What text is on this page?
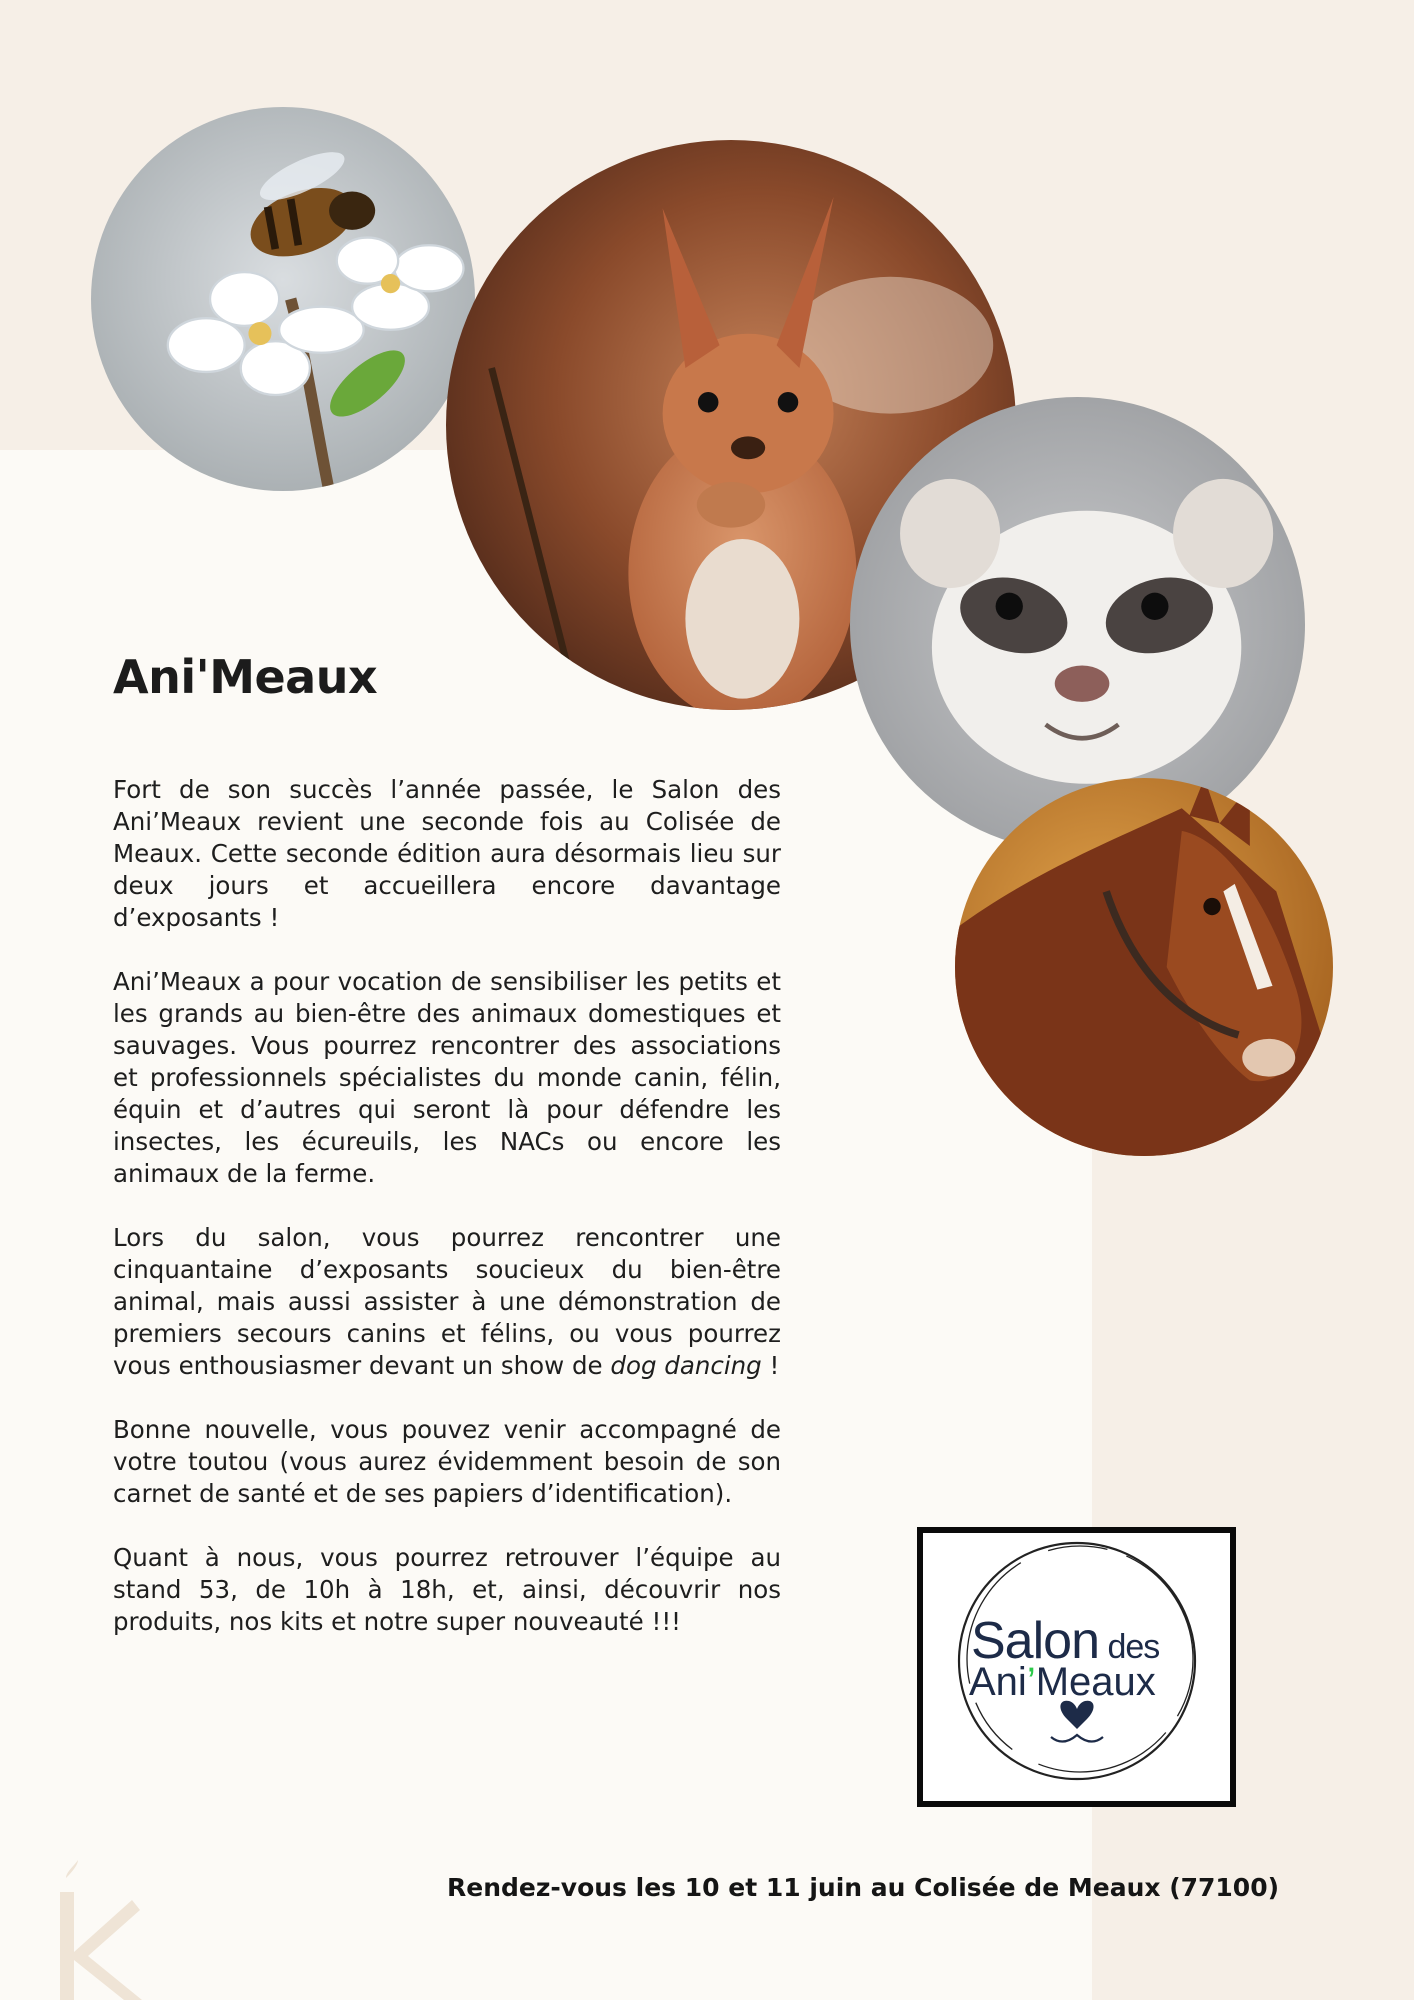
Ani'Meaux

Fort de son succès l’année passée, le Salon des Ani’Meaux revient une seconde fois au Colisée de Meaux. Cette seconde édition aura désormais lieu sur deux jours et accueillera encore davantage d’exposants !

Ani’Meaux a pour vocation de sensibiliser les petits et les grands au bien-être des animaux domestiques et sauvages. Vous pourrez rencontrer des associations et professionnels spécialistes du monde canin, félin, équin et d’autres qui seront là pour défendre les insectes, les écureuils, les NACs ou encore les animaux de la ferme.

Lors du salon, vous pourrez rencontrer une cinquantaine d’exposants soucieux du bien-être animal, mais aussi assister à une démonstration de premiers secours canins et félins, ou vous pourrez vous enthousiasmer devant un show de dog dancing !

Bonne nouvelle, vous pouvez venir accompagné de votre toutou (vous aurez évidemment besoin de son carnet de santé et de ses papiers d’identification).

Quant à nous, vous pourrez retrouver l’équipe au stand 53, de 10h à 18h, et, ainsi, découvrir nos produits, nos kits et notre super nouveauté !!!	Salon des
Ani’Meaux
Rendez-vous les 10 et 11 juin au Colisée de Meaux (77100)
